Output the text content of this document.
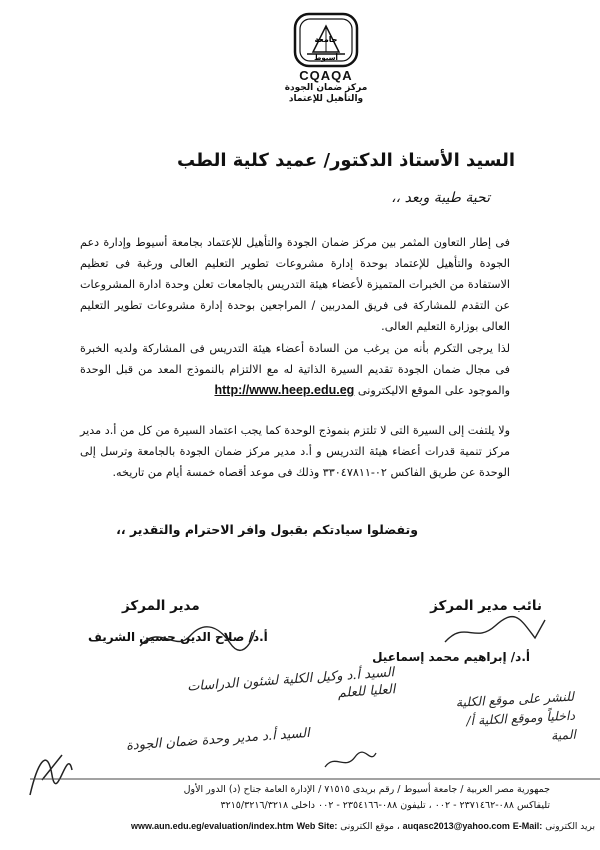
جامعة
أسيوط
CQAQA
مركز ضمان الجودة
والتأهيل للإعتماد
السيد الأستاذ الدكتور/ عميد كلية الطب
تحية طيبة وبعد ،،
فى إطار التعاون المثمر بين مركز ضمان الجودة والتأهيل للإعتماد بجامعة أسيوط وإدارة دعم الجودة والتأهيل للإعتماد بوحدة إدارة مشروعات تطوير التعليم العالى ورغبة فى تعظيم الاستفادة من الخبرات المتميزة لأعضاء هيئة التدريس بالجامعات تعلن وحدة ادارة المشروعات عن التقدم للمشاركة فى فريق المدربين / المراجعين بوحدة إدارة مشروعات تطوير التعليم العالى بوزارة التعليم العالى.
لذا يرجى التكرم بأنه من يرغب من السادة أعضاء هيئة التدريس فى المشاركة ولديه الخبرة فى مجال ضمان الجودة تقديم السيرة الذاتية له مع الالتزام بالنموذج المعد من قبل الوحدة والموجود على الموقع الاليكترونى http://www.heep.edu.eg
ولا يلتفت إلى السيرة التى لا تلتزم بنموذج الوحدة كما يجب اعتماد السيرة من كل من أ.د مدير مركز تنمية قدرات أعضاء هيئة التدريس و أ.د مدير مركز ضمان الجودة بالجامعة وترسل إلى الوحدة عن طريق الفاكس ٠٢-٣٣٠٤٧٨١١ وذلك فى موعد أقصاه خمسة أيام من تاريخه.
وتفضلوا سيادتكم بقبول وافر الاحترام والتقدير ،،
مدير المركز
أ.د/ صلاح الدين حسين الشريف
نائب مدير المركز
أ.د/ إبراهيم محمد إسماعيل
السيد أ.د وكيل الكلية لشئون الدراسات العليا للعلم
السيد أ.د مدير وحدة ضمان الجودة
للنشر على موقع الكلية داخلياً وموقع الكلية أ/ المية
جمهورية مصر العربية / جامعة أسيوط / رقم بريدى ٧١٥١٥ / الإدارة العامة جناح (د) الدور الأول
تليفاكس ٠٨٨-٢٣٧١٤٦٢ - ٠٠٢ ، تليفون ٠٨٨-٢٣٥٤١٦٦ - ٠٠٢ داخلى ٣٢١٥/٣٢١٦/٣٢١٨
بريد الكترونى auqasc2013@yahoo.com E-Mail: ، موقع الكترونى www.aun.edu.eg/evaluation/index.htm Web Site:
